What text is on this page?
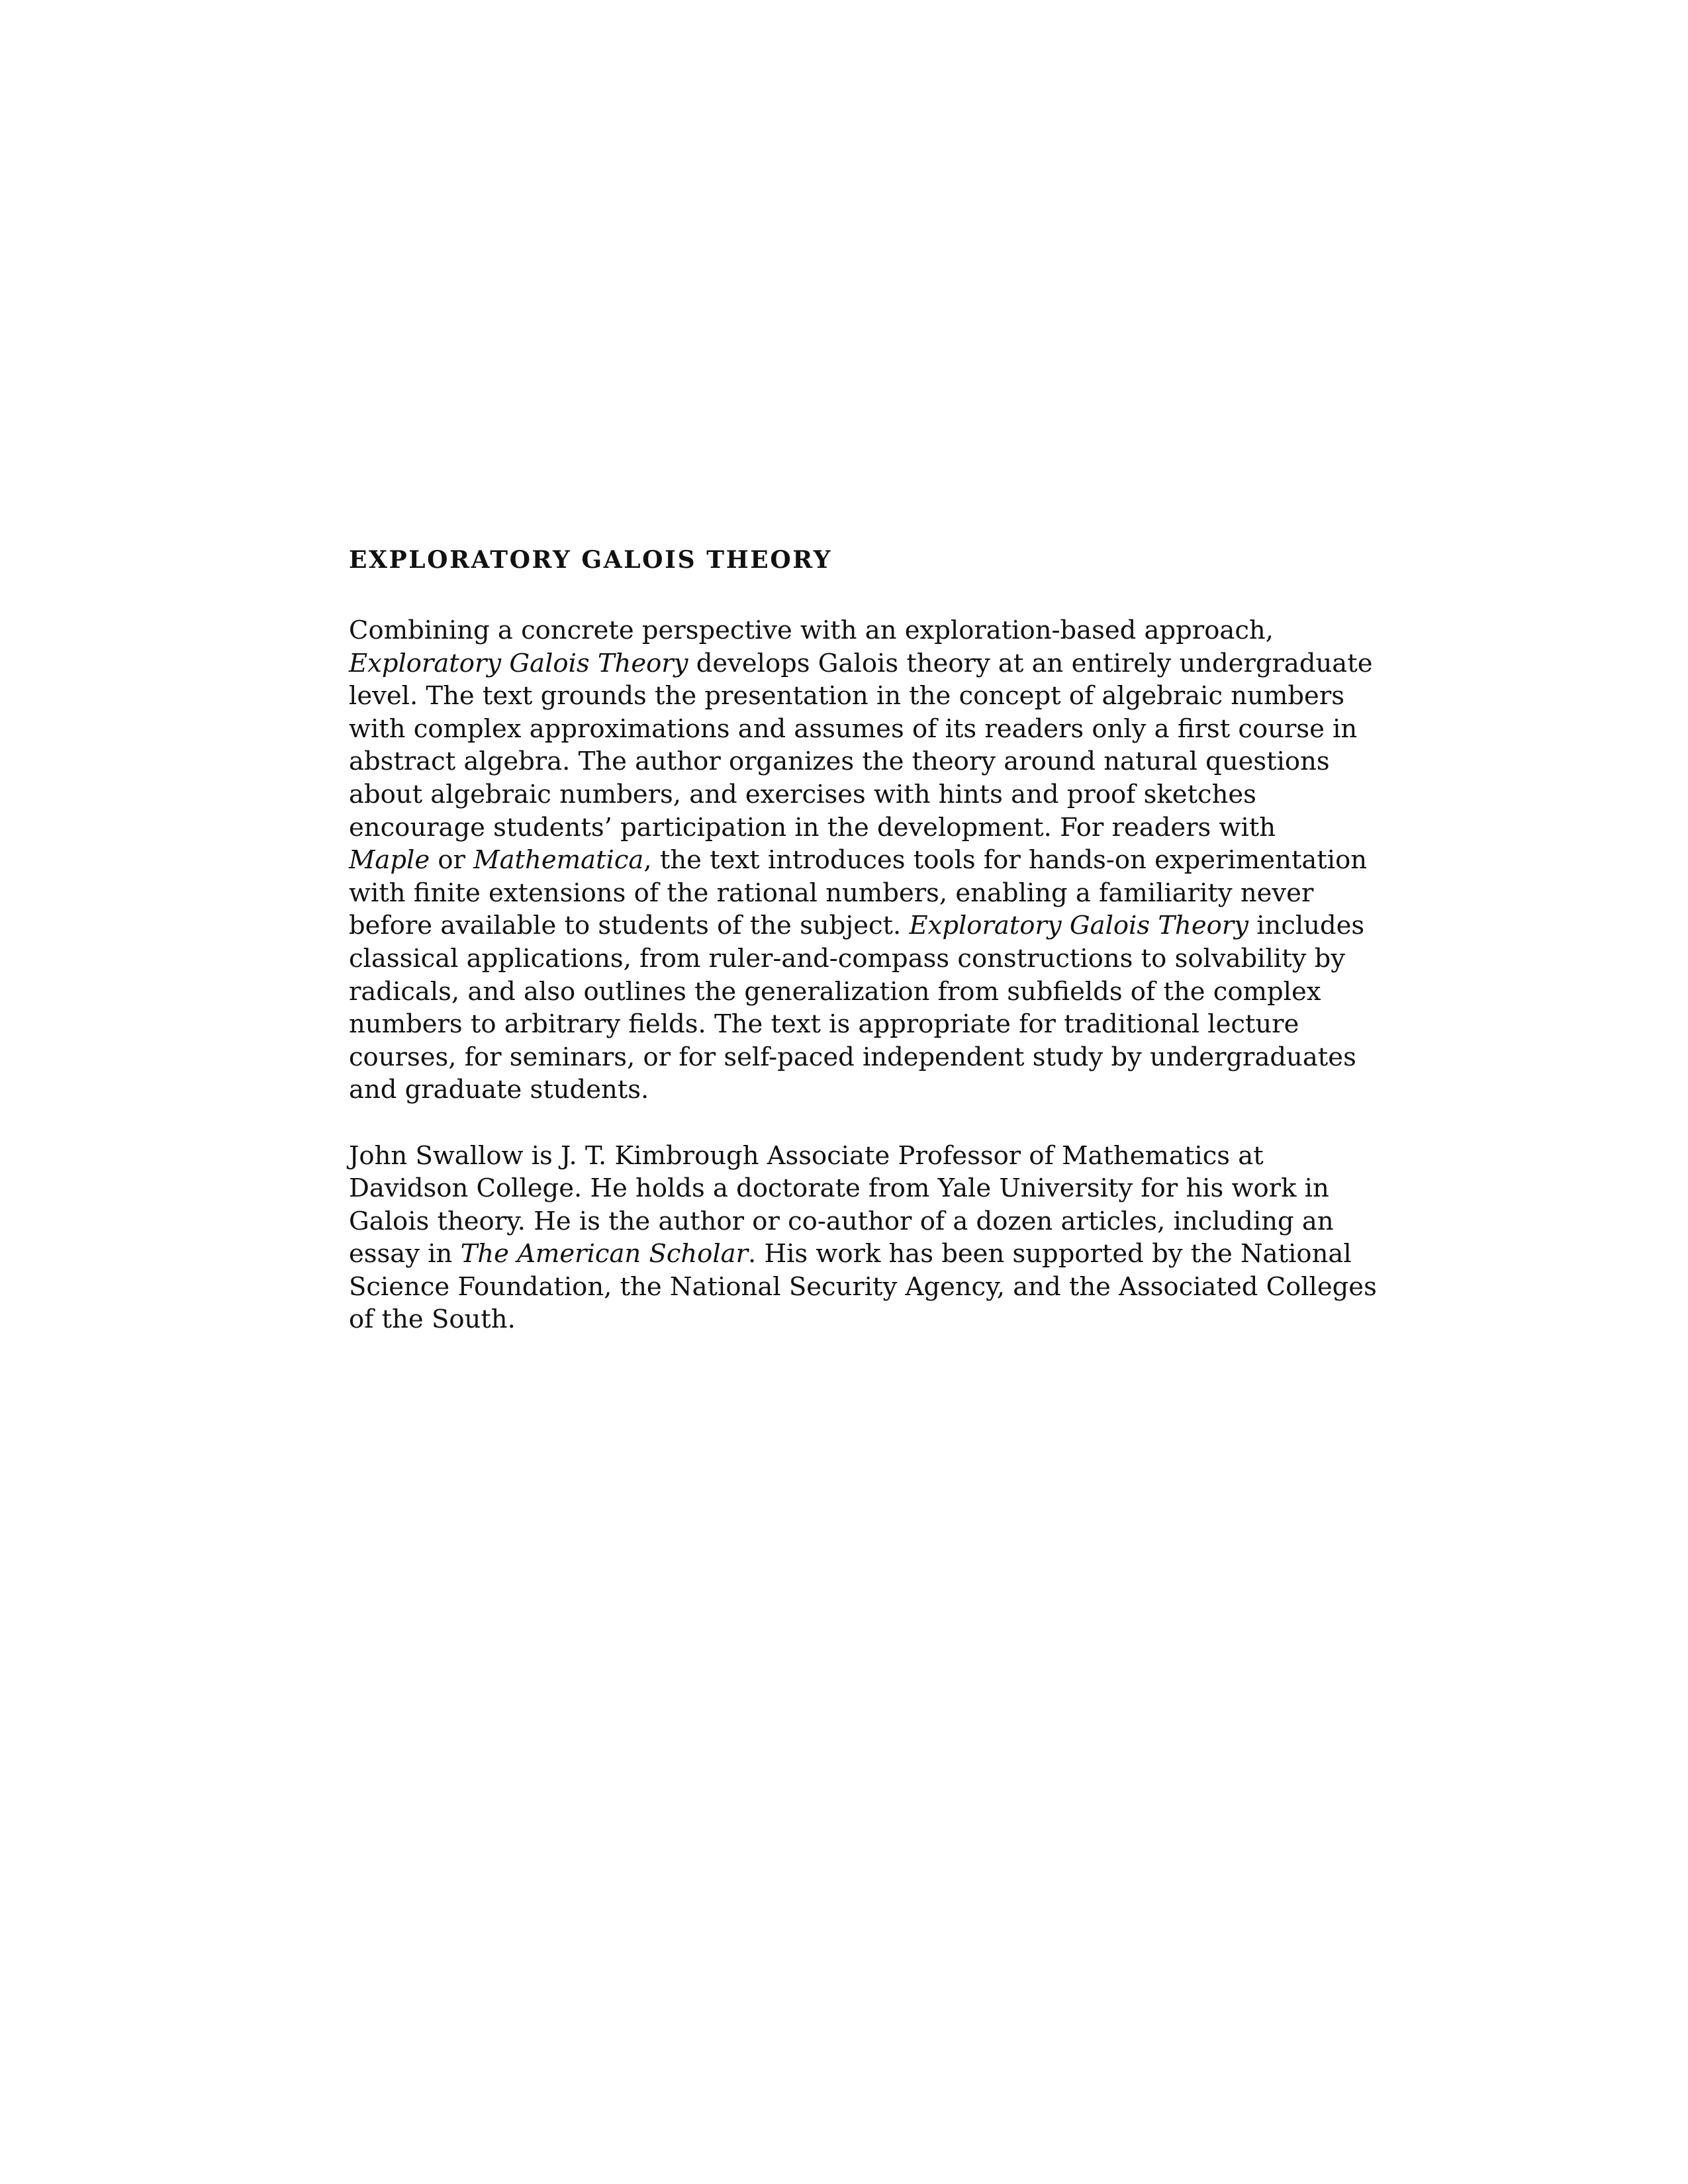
EXPLORATORY GALOIS THEORY
Combining a concrete perspective with an exploration-based approach,
Exploratory Galois Theory develops Galois theory at an entirely undergraduate
level. The text grounds the presentation in the concept of algebraic numbers
with complex approximations and assumes of its readers only a first course in
abstract algebra. The author organizes the theory around natural questions
about algebraic numbers, and exercises with hints and proof sketches
encourage students’ participation in the development. For readers with
Maple or Mathematica, the text introduces tools for hands-on experimentation
with finite extensions of the rational numbers, enabling a familiarity never
before available to students of the subject. Exploratory Galois Theory includes
classical applications, from ruler-and-compass constructions to solvability by
radicals, and also outlines the generalization from subfields of the complex
numbers to arbitrary fields. The text is appropriate for traditional lecture
courses, for seminars, or for self-paced independent study by undergraduates
and graduate students.
John Swallow is J. T. Kimbrough Associate Professor of Mathematics at
Davidson College. He holds a doctorate from Yale University for his work in
Galois theory. He is the author or co-author of a dozen articles, including an
essay in The American Scholar. His work has been supported by the National
Science Foundation, the National Security Agency, and the Associated Colleges
of the South.
